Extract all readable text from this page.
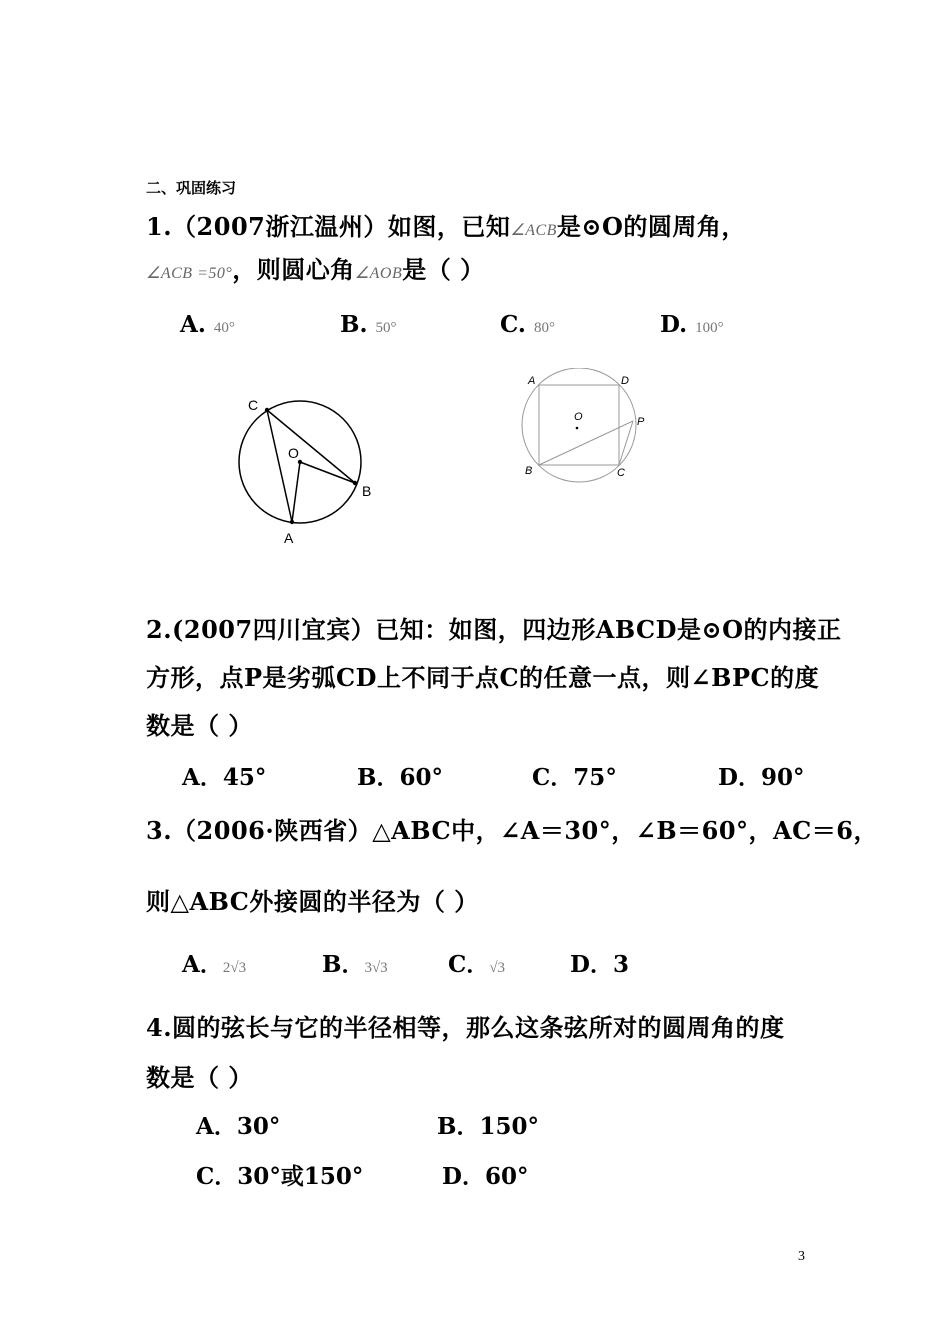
二、巩固练习
1.（2007浙江温州）如图，已知∠ACB是⊙O的圆周角，
∠ACB =50°，则圆心角∠AOB是（ ）
A. 40°	B. 50°	C. 80°	D. 100°
C
O
B
A
A	D
O	P
B	C
2.(2007四川宜宾）已知：如图，四边形ABCD是⊙O的内接正
方形，点P是劣弧CD上不同于点C的任意一点，则∠BPC的度
数是（ ）
A．45°	B．60°	C．75°	D．90°
3.（2006·陕西省）△ABC中，∠A＝30°，∠B＝60°，AC＝6，
则△ABC外接圆的半径为（ ）
A．2√3	B．3√3	C．√3	D．3
4.圆的弦长与它的半径相等，那么这条弦所对的圆周角的度
数是（ ）
A．30°	B．150°
C．30°或150°	D．60°
3
